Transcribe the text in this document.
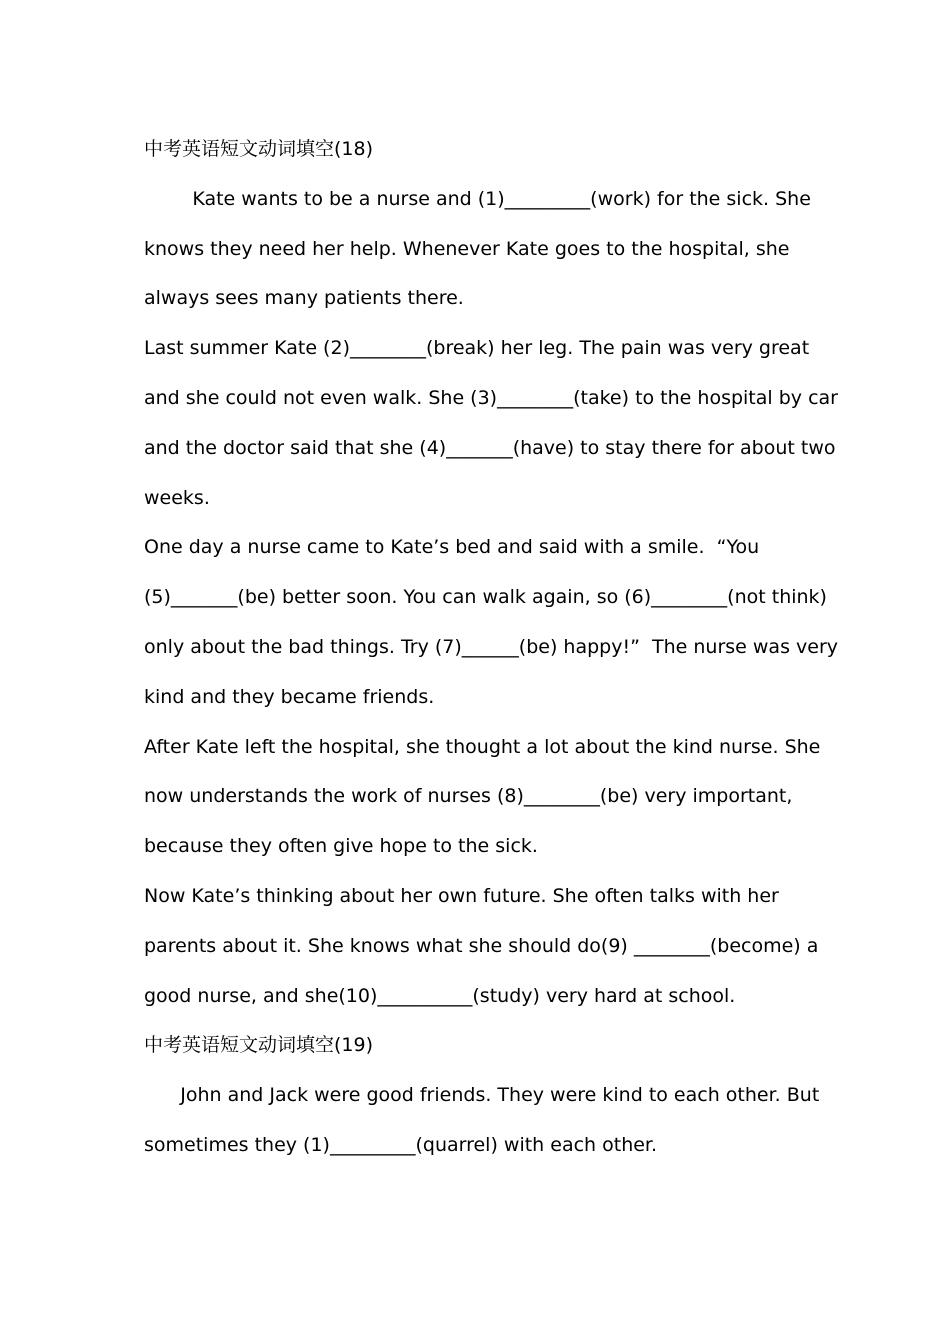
中考英语短文动词填空(18)
Kate wants to be a nurse and (1)_________(work) for the sick. She
knows they need her help. Whenever Kate goes to the hospital, she
always sees many patients there.
Last summer Kate (2)________(break) her leg. The pain was very great
and she could not even walk. She (3)________(take) to the hospital by car
and the doctor said that she (4)_______(have) to stay there for about two
weeks.
One day a nurse came to Kate’s bed and said with a smile.  “You
(5)_______(be) better soon. You can walk again, so (6)________(not think)
only about the bad things. Try (7)______(be) happy!”  The nurse was very
kind and they became friends.
After Kate left the hospital, she thought a lot about the kind nurse. She
now understands the work of nurses (8)________(be) very important,
because they often give hope to the sick.
Now Kate’s thinking about her own future. She often talks with her
parents about it. She knows what she should do(9) ________(become) a
good nurse, and she(10)__________(study) very hard at school.
中考英语短文动词填空(19)
John and Jack were good friends. They were kind to each other. But
sometimes they (1)_________(quarrel) with each other.
